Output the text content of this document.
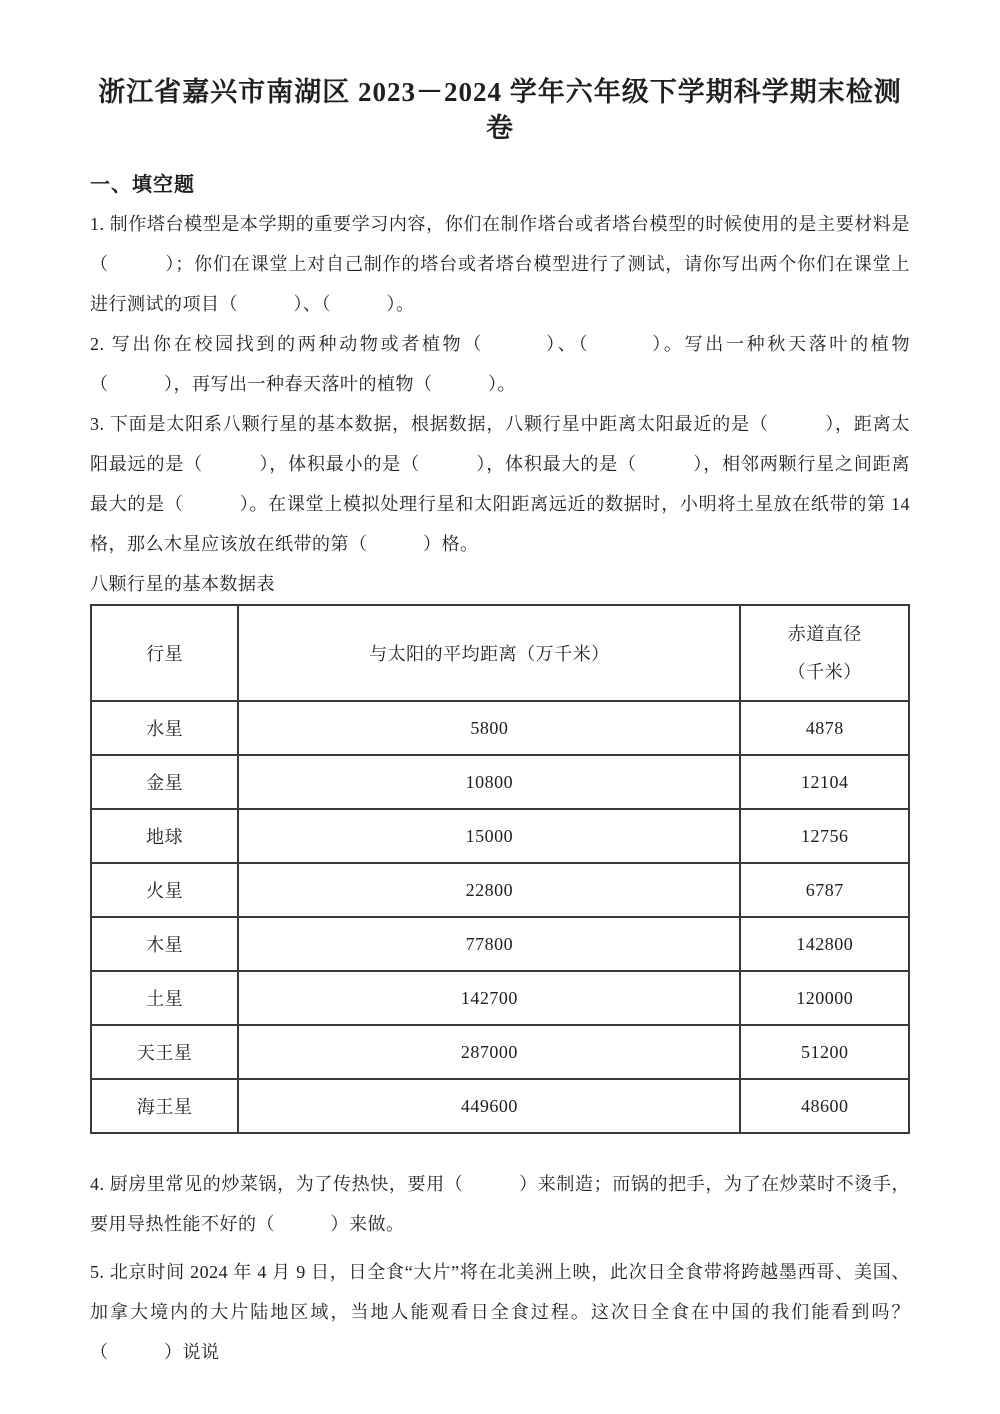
浙江省嘉兴市南湖区 2023－2024 学年六年级下学期科学期末检测卷
一、填空题

1. 制作塔台模型是本学期的重要学习内容，你们在制作塔台或者塔台模型的时候使用的是主要材料是（　　　）；你们在课堂上对自己制作的塔台或者塔台模型进行了测试，请你写出两个你们在课堂上进行测试的项目（　　　）、（　　　）。

2. 写出你在校园找到的两种动物或者植物（　　　）、（　　　）。写出一种秋天落叶的植物（　　　），再写出一种春天落叶的植物（　　　）。

3. 下面是太阳系八颗行星的基本数据，根据数据，八颗行星中距离太阳最近的是（　　　），距离太阳最远的是（　　　），体积最小的是（　　　），体积最大的是（　　　），相邻两颗行星之间距离最大的是（　　　）。在课堂上模拟处理行星和太阳距离远近的数据时，小明将土星放在纸带的第 14 格，那么木星应该放在纸带的第（　　　）格。

八颗行星的基本数据表

行星	与太阳的平均距离（万千米）	赤道直径
（千米）

水星	5800	4878
金星	10800	12104
地球	15000	12756
火星	22800	6787
木星	77800	142800
土星	142700	120000
天王星	287000	51200
海王星	449600	48600

4. 厨房里常见的炒菜锅，为了传热快，要用（　　　）来制造；而锅的把手，为了在炒菜时不烫手，要用导热性能不好的（　　　）来做。

5. 北京时间 2024 年 4 月 9 日，日全食“大片”将在北美洲上映，此次日全食带将跨越墨西哥、美国、加拿大境内的大片陆地区域，当地人能观看日全食过程。这次日全食在中国的我们能看到吗？（　　　）说说
